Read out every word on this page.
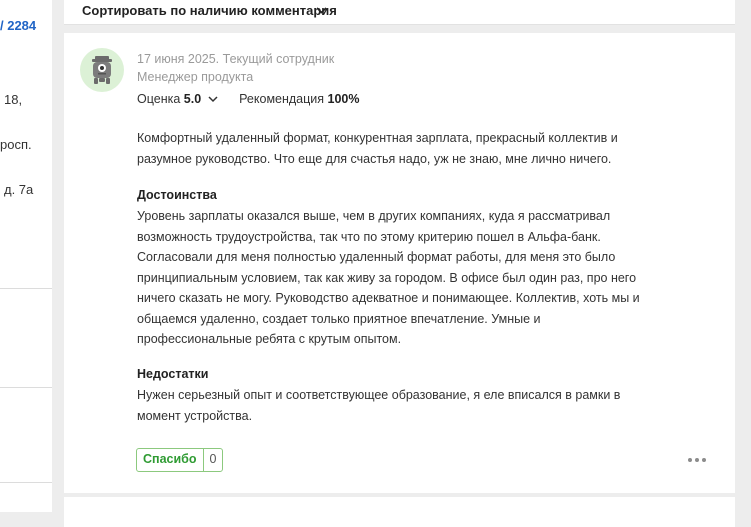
/ 2284
18,
росп.
д. 7а
Сортировать по наличию комментария
17 июня 2025. Текущий сотрудник
Менеджер продукта
Оценка 5.0	Рекомендация 100%
Комфортный удаленный формат, конкурентная зарплата, прекрасный коллектив и
разумное руководство. Что еще для счастья надо, уж не знаю, мне лично ничего.
Достоинства
Уровень зарплаты оказался выше, чем в других компаниях, куда я рассматривал
возможность трудоустройства, так что по этому критерию пошел в Альфа-банк.
Согласовали для меня полностью удаленный формат работы, для меня это было
принципиальным условием, так как живу за городом. В офисе был один раз, про него
ничего сказать не могу. Руководство адекватное и понимающее. Коллектив, хоть мы и
общаемся удаленно, создает только приятное впечатление. Умные и
профессиональные ребята с крутым опытом.
Недостатки
Нужен серьезный опыт и соответствующее образование, я еле вписался в рамки в
момент устройства.
Спасибо	0
